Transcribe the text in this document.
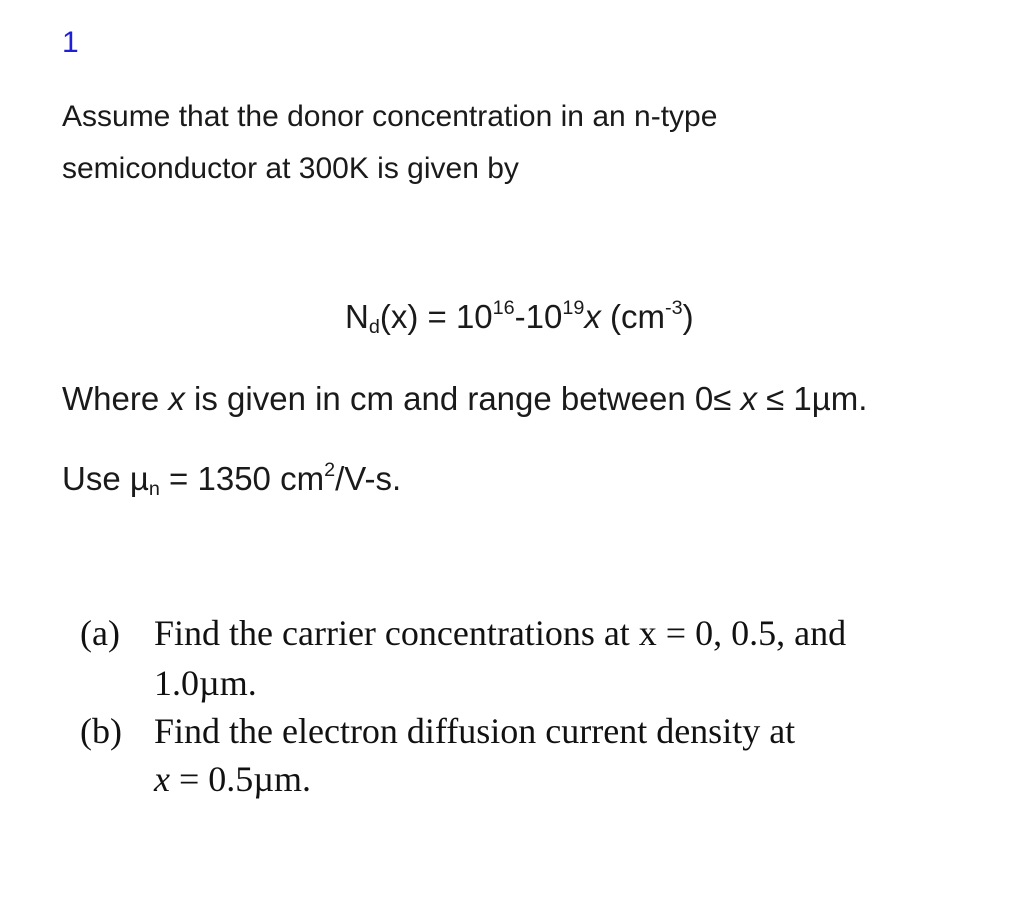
1
Assume that the donor concentration in an n-type
semiconductor at 300K is given by
$N_d(x) = 10^{16}-10^{19}x$ $(cm^{-3})$
Where x is given in cm and range between 0≤ x ≤ 1µm.
Use µ$_n$ = 1350 $cm^2/V-s$.
(a) Find the carrier concentrations at x = 0, 0.5, and
1.0µm.
(b) Find the electron diffusion current density at
x = 0.5µm.
